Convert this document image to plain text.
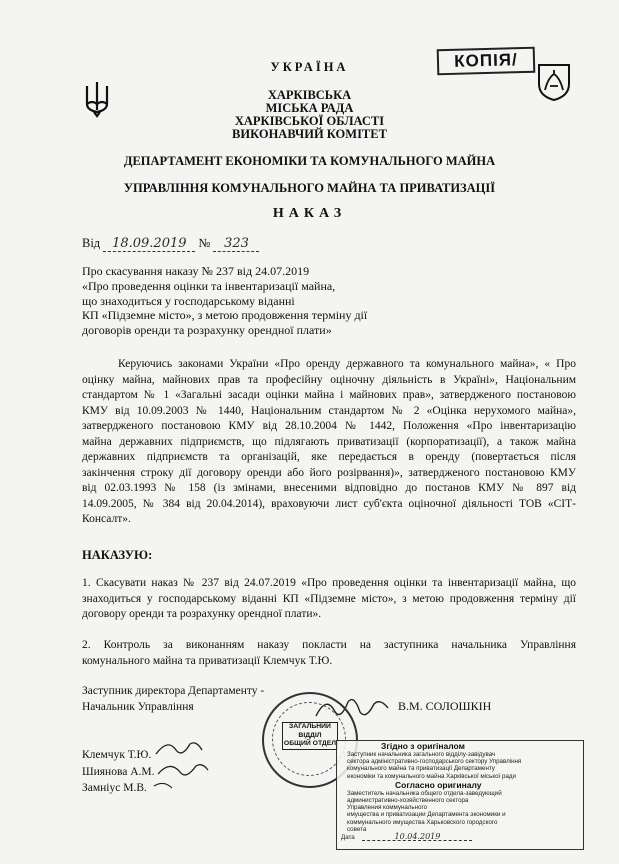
УКРАЇНА
ХАРКІВСЬКА
МІСЬКА РАДА
ХАРКІВСЬКОЇ ОБЛАСТІ
ВИКОНАВЧИЙ КОМІТЕТ
ДЕПАРТАМЕНТ ЕКОНОМІКИ ТА КОМУНАЛЬНОГО МАЙНА
УПРАВЛІННЯ КОМУНАЛЬНОГО МАЙНА ТА ПРИВАТИЗАЦІЇ
КОПІЯ/
НАКАЗ
Від 18.09.2019 № 323
Про скасування наказу № 237 від 24.07.2019
«Про проведення оцінки та інвентаризації майна,
що знаходиться у господарському віданні
КП «Підземне місто», з метою продовження терміну дії
договорів оренди та розрахунку орендної плати»
Керуючись законами України «Про оренду державного та комунального майна», « Про
оцінку майна, майнових прав та професійну оціночну діяльність в Україні», Національним
стандартом № 1 «Загальні засади оцінки майна і майнових прав», затвердженого постановою
КМУ від 10.09.2003 № 1440, Національним стандартом № 2 «Оцінка нерухомого майна»,
затвердженого постановою КМУ від 28.10.2004 № 1442, Положення «Про інвентаризацію
майна державних підприємств, що підлягають приватизації (корпоратизації), а також майна
державних підприємств та організацій, яке передається в оренду (повертається після
закінчення строку дії договору оренди або його розірвання)», затвердженого постановою КМУ
від 02.03.1993 № 158 (із змінами, внесеними відповідно до постанов КМУ № 897 від
14.09.2005, № 384 від 20.04.2014), враховуючи лист суб'єкта оціночної діяльності ТОВ «СІТ-
Консалт».
НАКАЗУЮ:
1. Скасувати наказ № 237 від 24.07.2019 «Про проведення оцінки та інвентаризації майна, що
знаходиться у господарському віданні КП «Підземне місто», з метою продовження терміну дії
договору оренди та розрахунку орендної плати».
2. Контроль за виконанням наказу покласти на заступника начальника Управління
комунального майна та приватизації Клемчук Т.Ю.
Заступник директора Департаменту -
Начальник Управління	В.М. СОЛОШКІН
ЗАГАЛЬНИЙ
ВІДДІЛ
ОБЩИЙ ОТДЕЛ
Клемчук Т.Ю.
Шиянова А.М.
Замніус М.В.
Згідно з оригіналом
Заступник начальника загального відділу-завідувач
сектора адміністративно-господарського сектору Управління
комунального майна та приватизації Департаменту
економіки та комунального майна Харківської міської ради
Согласно оригиналу
Заместитель начальника общего отдела-заведующий
административно-хозяйственного сектора
Управления коммунального
имущества и приватизации Департамента экономики и
коммунального имущества Харьковского городского
совета
Дата	10.04.2019
